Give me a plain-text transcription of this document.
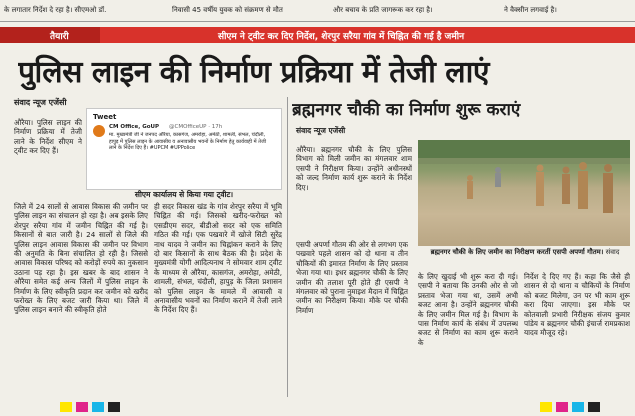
के लगातार निर्देश दे रहा है। सीएमओ डॉ.	निवासी 45 वर्षीय युवक को संक्रमण से मौत	और बचाव के प्रति जागरूक कर रहा है।	ने वैक्सीन लगवाई है।
तैयारी	सीएम ने ट्वीट कर दिए निर्देश, शेरपुर सरैया गांव में चिह्नित की गई है जमीन
पुलिस लाइन की निर्माण प्रक्रिया में तेजी लाएं
संवाद न्यूज एजेंसी
औरैया। पुलिस लाइन की निर्माण प्रक्रिया में तेजी लाने के निर्देश सीएम ने ट्वीट कर दिए हैं।
Tweet
CM Office, GoUP @CMOfficeUP · 17h
मा. मुख्यमंत्री जी ने जनपद औरैया, कासगंज, अमरोहा, अमेठी, शामली, संभल, चंदौली, हापुड़ में पुलिस लाइन के आवासीय व अनावासीय भवनों के निर्माण हेतु कार्यवाही में तेजी लाने के निर्देश दिए हैं। #UPCM #UPPolice
सीएम कार्यालय से किया गया ट्वीट।
जिले में 24 सालों से आवास विकास की जमीन पर पुलिस लाइन का संचालन हो रहा है। अब इसके लिए शेरपुर सरैया गांव में जमीन चिह्नित की गई है। किसानों से बात जारी है। 24 सालों से जिले की पुलिस लाइन आवास विकास की जमीन पर विभाग की अनुमति के बिना संचालित हो रही है। जिससे आवास विकास परिषद को करोड़ों रुपये का नुकसान उठाना पड़ रहा है। इस खबर के बाद शासन ने औरैया समेत कई अन्य जिलों में पुलिस लाइन के निर्माण के लिए स्वीकृति प्रदान कर जमीन को खरीद फरोख्त के लिए बजट जारी किया था। जिले में पुलिस लाइन बनाने की स्वीकृति होते
ही सदर विकास खंड के गांव शेरपुर सरैया में भूमि चिह्नित की गई। जिसको खरीद-फरोख्त को एसडीएम सदर, बीडीओ सदर को एक समिति गठित की गई। एक पखवारे में खोजे सिटी सुरेंद्र नाथ यादव ने जमीन का चिह्नांकन कराने के लिए दो बार किसानों के साथ बैठक की है। प्रदेश के मुख्यमंत्री योगी आदित्यनाथ ने सोमवार शाम ट्वीट के माध्यम से औरैया, कासगंज, अमरोहा, अमेठी, शामली, संभल, चंदौली, हापुड़ के जिला प्रशासन को पुलिस लाइन के मामले में आवासी व अनावासीय भवनों का निर्माण कराने में तेजी लाने के निर्देश दिए हैं।
ब्रह्मनगर चौकी का निर्माण शुरू कराएं
संवाद न्यूज एजेंसी
औरैया। ब्रह्मनगर चौकी के लिए पुलिस विभाग को मिली जमीन का मंगलवार शाम एसपी ने निरीक्षण किया। उन्होंने अधीनस्थों को जल्द निर्माण कार्य शुरू कराने के निर्देश दिए।
ब्रह्मनगर चौकी के लिए जमीन का निरीक्षण करतीं एसपी अपर्णा गौतम। संवाद
एसपी अपर्णा गौतम की ओर से लगभग एक पखवारे पहले शासन को दो थाना व तीन चौकियों की इमारत निर्माण के लिए प्रस्ताव भेजा गया था। इधर ब्रह्मनगर चौकी के लिए जमीन की तलाश पूरी होते ही एसपी ने मंगलवार को पुराना नुमाइश मैदान में चिह्नित जमीन का निरीक्षण किया। मौके पर चौकी निर्माण
के लिए खुदाई भी शुरू करा दी गई। एसपी ने बताया कि उनकी ओर से जो प्रस्ताव भेजा गया था, उसमें अभी बजट आना है। उन्होंने ब्रह्मनगर चौकी के लिए जमीन मिल गई है। विभाग के पास निर्माण कार्य के संबंध में उपलब्ध बजट से निर्माण का काम शुरू कराने के
निर्देश दे दिए गए हैं। कहा कि जैसे ही शासन से दो थाना व चौकियों के निर्माण को बजट मिलेगा, उन पर भी काम शुरू करा दिया जाएगा। इस मौके पर कोतवाली प्रभारी निरीक्षक संजय कुमार पांडेय व ब्रह्मनगर चौकी इंचार्ज रामप्रकाश यादव मौजूद रहे।
